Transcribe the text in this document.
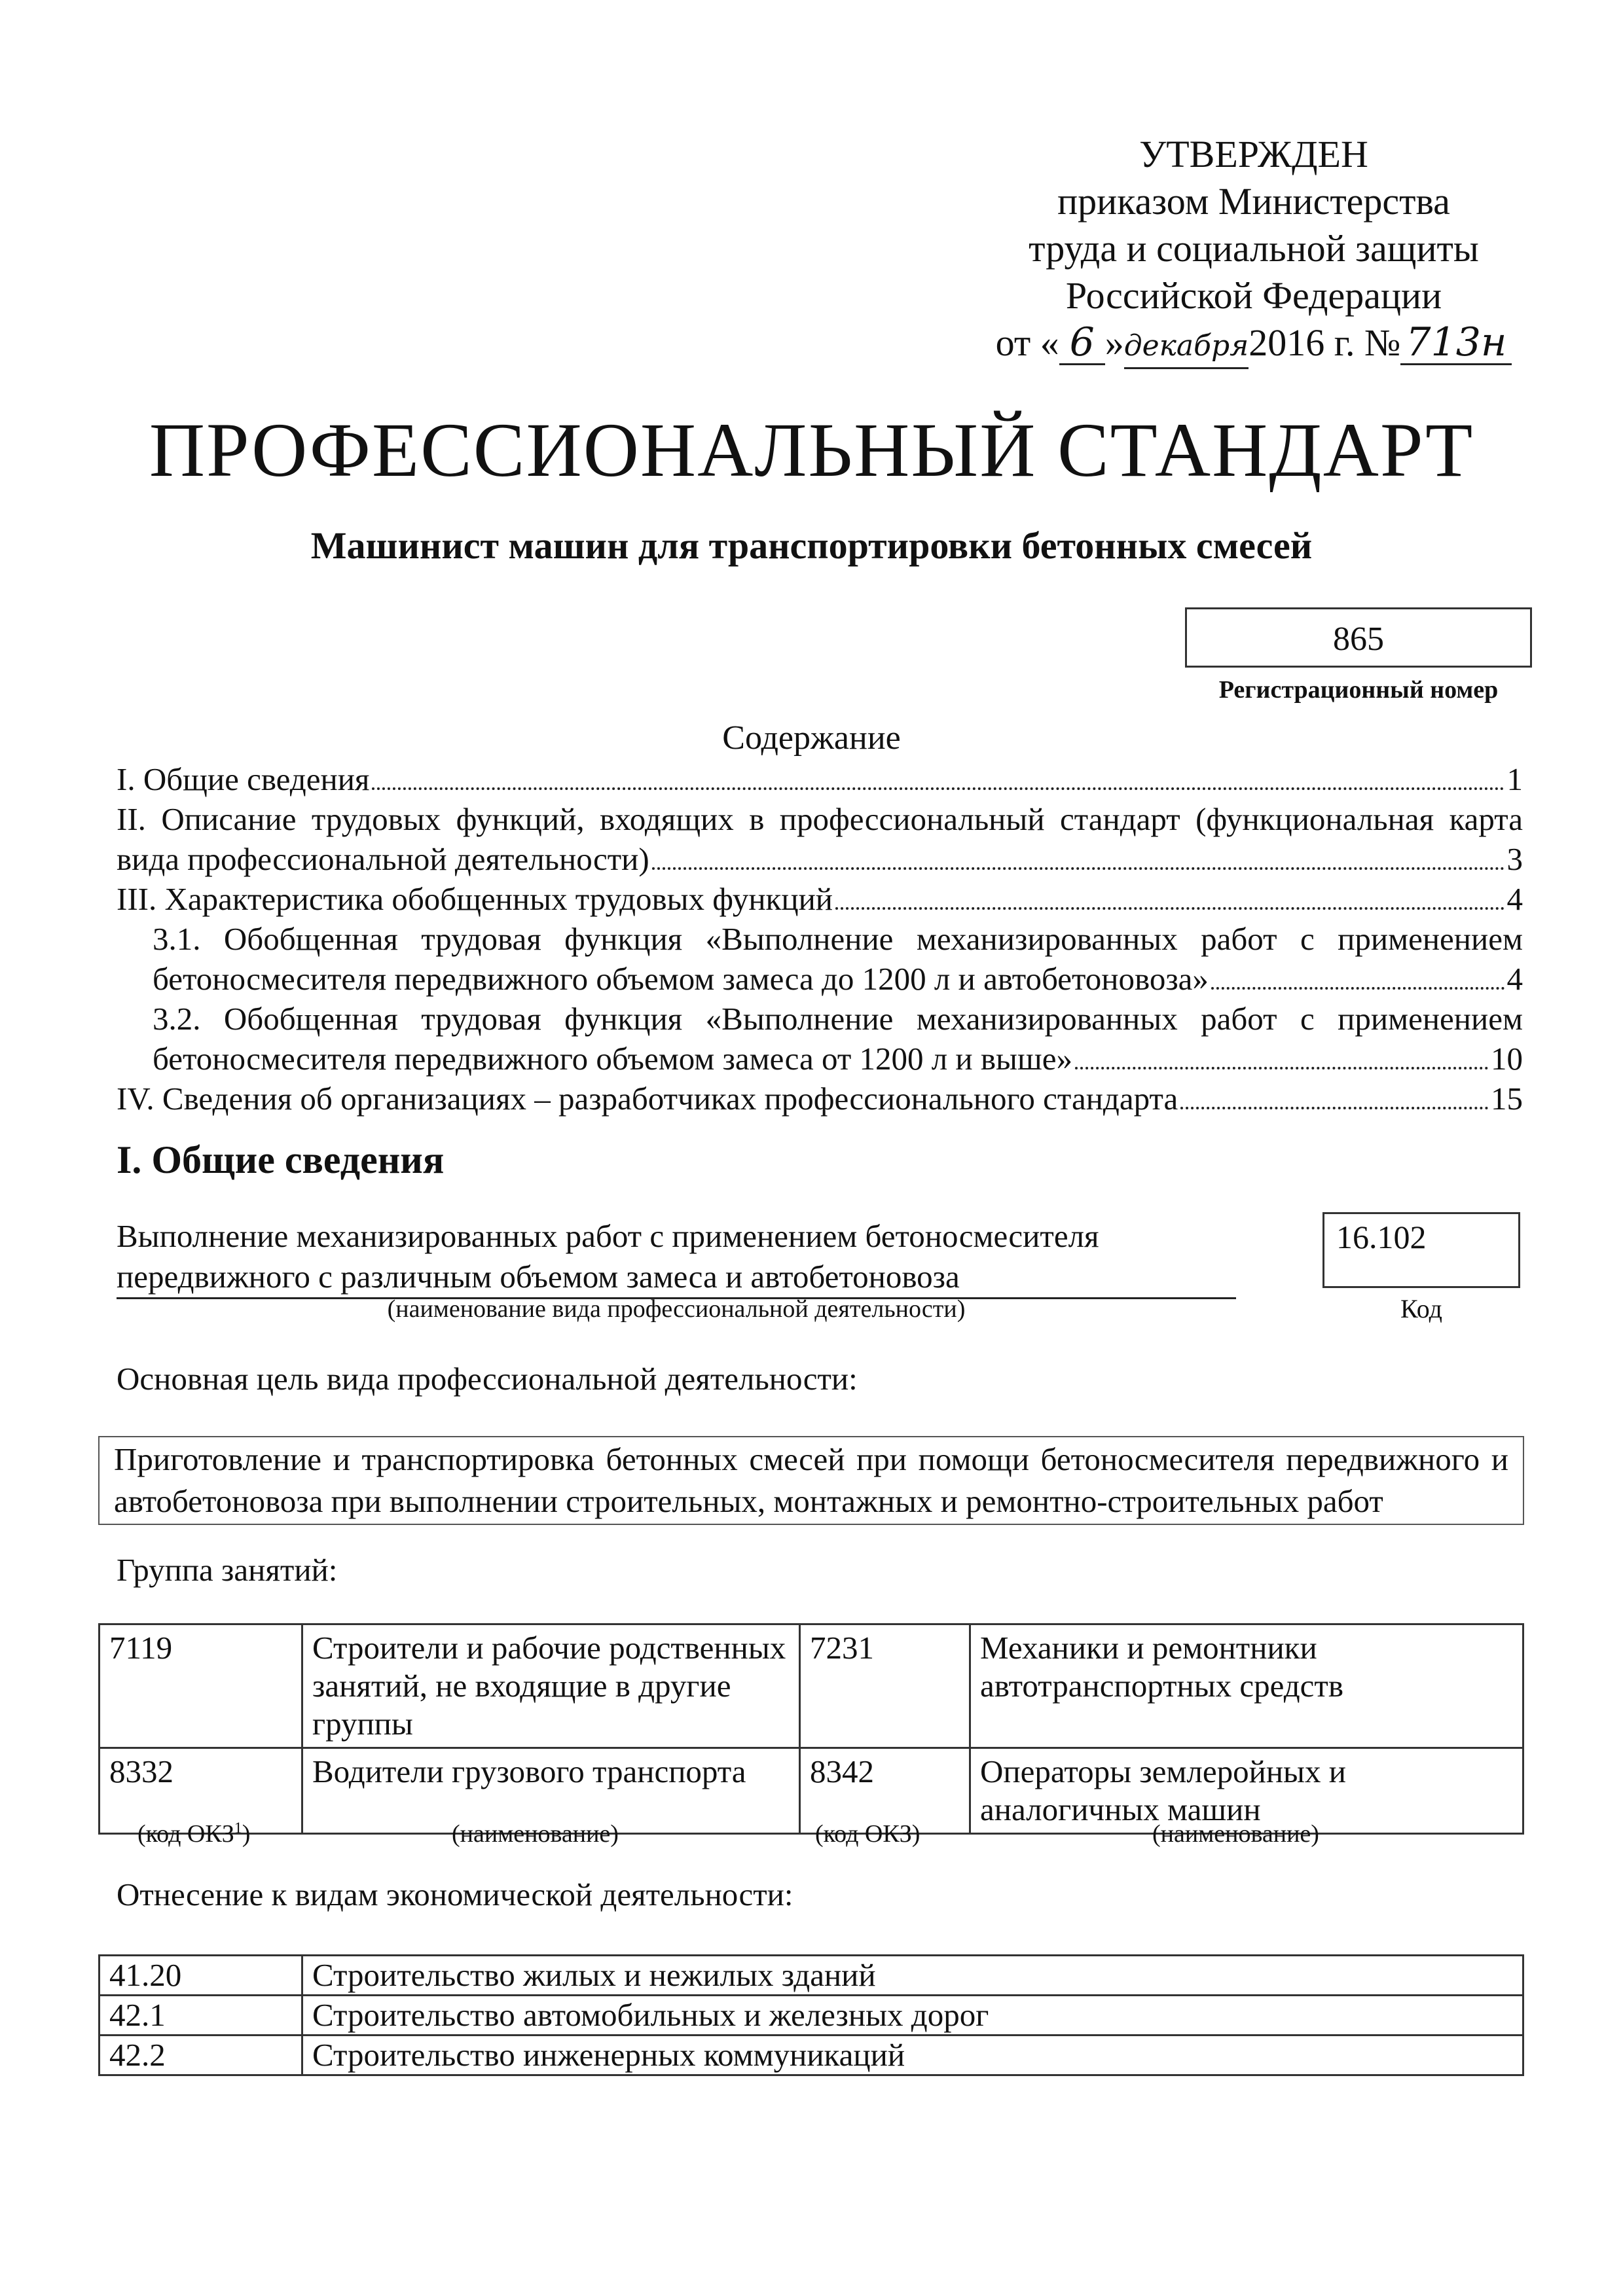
УТВЕРЖДЕН
приказом Министерства
труда и социальной защиты
Российской Федерации
от « 6 »декабря2016 г. № 713н
ПРОФЕССИОНАЛЬНЫЙ СТАНДАРТ
Машинист машин для транспортировки бетонных смесей
865
Регистрационный номер
Содержание
I. Общие сведения	1
II. Описание трудовых функций, входящих в профессиональный стандарт (функциональная карта
вида профессиональной деятельности)	3
III. Характеристика обобщенных трудовых функций	4
3.1. Обобщенная трудовая функция «Выполнение механизированных работ с применением
бетоносмесителя передвижного объемом замеса до 1200 л и автобетоновоза»	4
3.2. Обобщенная трудовая функция «Выполнение механизированных работ с применением
бетоносмесителя передвижного объемом замеса от 1200 л и выше»	10
IV. Сведения об организациях – разработчиках профессионального стандарта	15
I. Общие сведения
Выполнение механизированных работ с применением бетоносмесителя
передвижного с различным объемом замеса и автобетоновоза
(наименование вида профессиональной деятельности)
16.102
Код
Основная цель вида профессиональной деятельности:
Приготовление и транспортировка бетонных смесей при помощи бетоносмесителя передвижного и автобетоновоза при выполнении строительных, монтажных и ремонтно-строительных работ
Группа занятий:
7119	Строители и рабочие родственных занятий, не входящие в другие группы	7231	Механики и ремонтники автотранспортных средств
8332	Водители грузового транспорта	8342	Операторы землеройных и аналогичных машин
(код ОКЗ$^1$)	(наименование)	(код ОКЗ)	(наименование)
Отнесение к видам экономической деятельности:
41.20	Строительство жилых и нежилых зданий
42.1	Строительство автомобильных и железных дорог
42.2	Строительство инженерных коммуникаций
